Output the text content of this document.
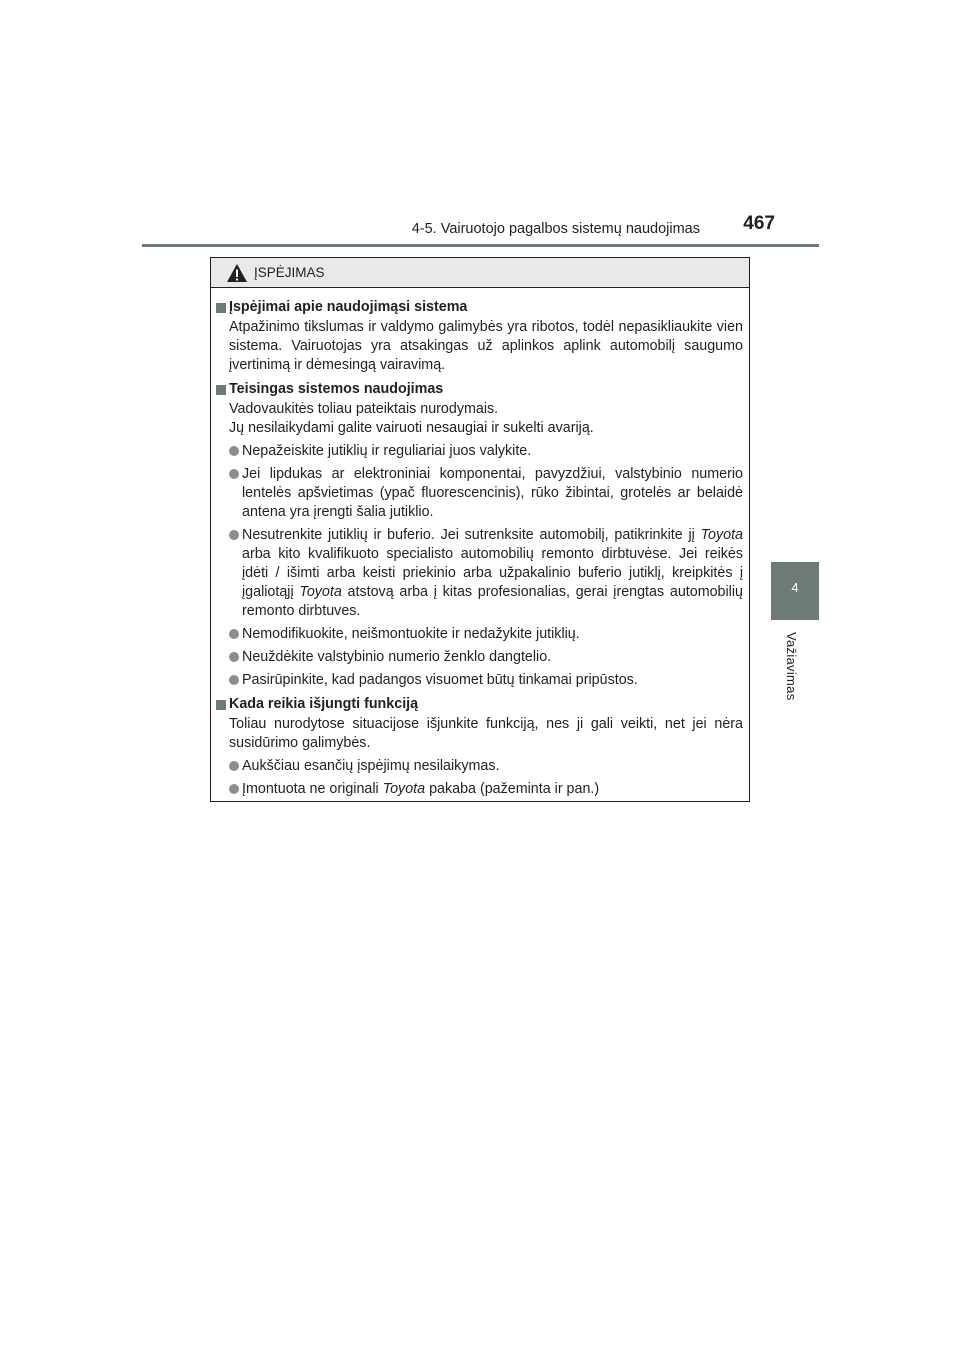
4-5. Vairuotojo pagalbos sistemų naudojimas	467
4
Važiavimas
ĮSPĖJIMAS
Įspėjimai apie naudojimąsi sistema
Atpažinimo tikslumas ir valdymo galimybės yra ribotos, todėl nepasikliaukite vien sistema. Vairuotojas yra atsakingas už aplinkos aplink automobilį saugumo įvertinimą ir dėmesingą vairavimą.
Teisingas sistemos naudojimas
Vadovaukitės toliau pateiktais nurodymais.
Jų nesilaikydami galite vairuoti nesaugiai ir sukelti avariją.
Nepažeiskite jutiklių ir reguliariai juos valykite.
Jei lipdukas ar elektroniniai komponentai, pavyzdžiui, valstybinio numerio lentelės apšvietimas (ypač fluorescencinis), rūko žibintai, grotelės ar belaidė antena yra įrengti šalia jutiklio.
Nesutrenkite jutiklių ir buferio. Jei sutrenksite automobilį, patikrinkite jį Toyota arba kito kvalifikuoto specialisto automobilių remonto dirbtuvėse. Jei reikės įdėti / išimti arba keisti priekinio arba užpakalinio buferio jutiklį, kreipkitės į įgaliotąjį Toyota atstovą arba į kitas profesionalias, gerai įrengtas automobilių remonto dirbtuves.
Nemodifikuokite, neišmontuokite ir nedažykite jutiklių.
Neuždėkite valstybinio numerio ženklo dangtelio.
Pasirūpinkite, kad padangos visuomet būtų tinkamai pripūstos.
Kada reikia išjungti funkciją
Toliau nurodytose situacijose išjunkite funkciją, nes ji gali veikti, net jei nėra susidūrimo galimybės.
Aukščiau esančių įspėjimų nesilaikymas.
Įmontuota ne originali Toyota pakaba (pažeminta ir pan.)
